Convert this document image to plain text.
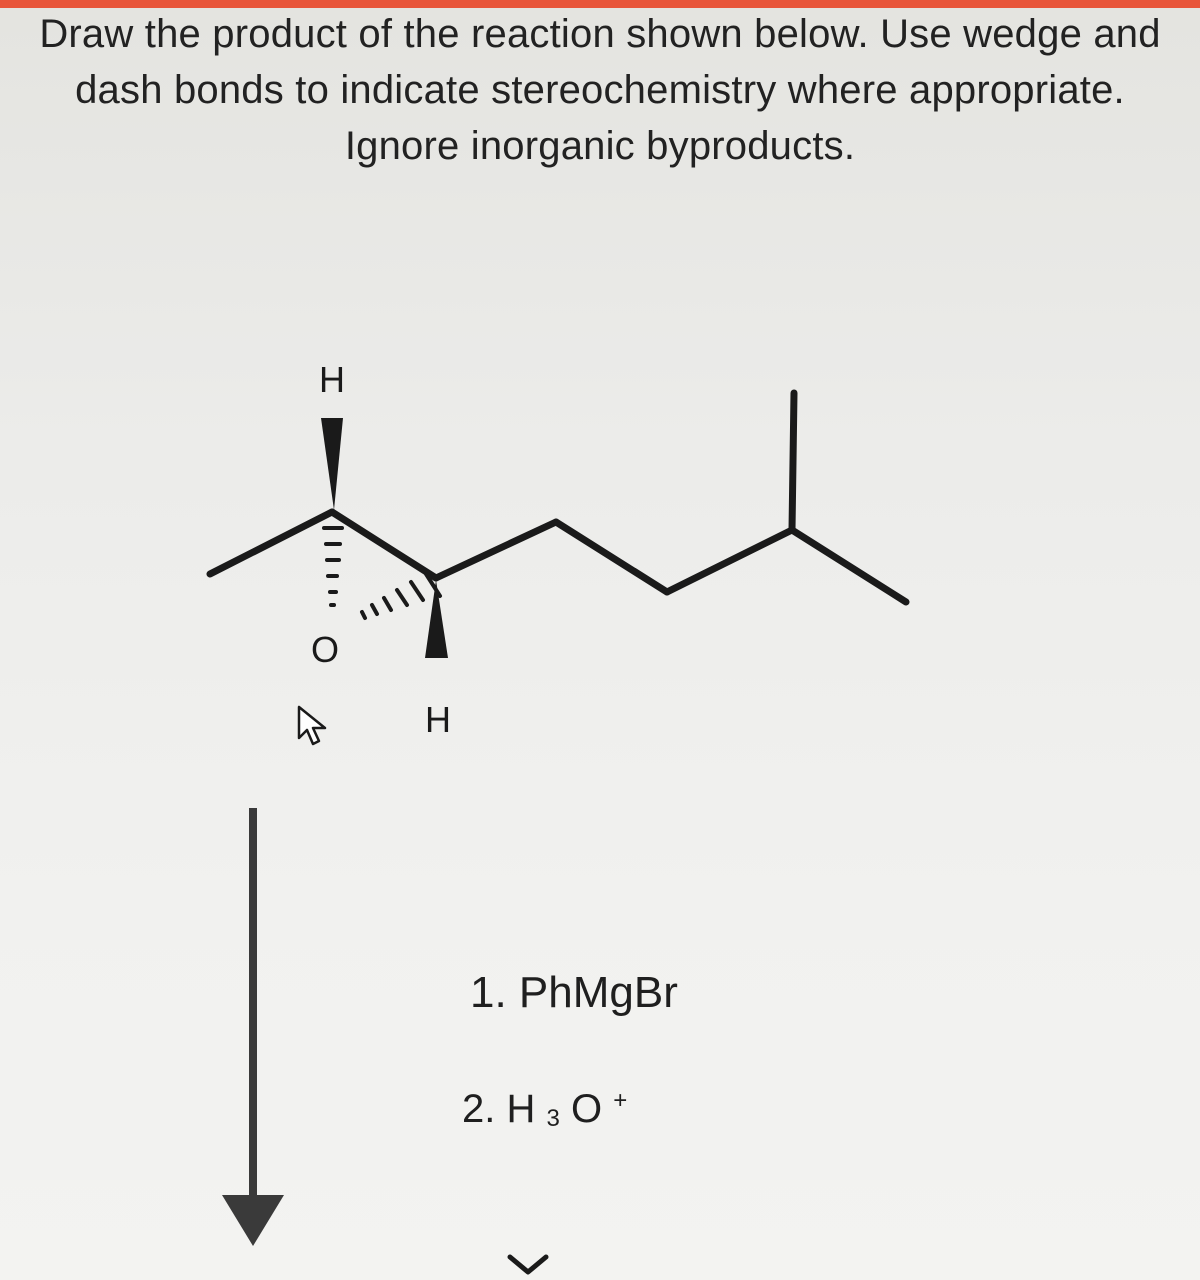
Draw the product of the reaction shown below. Use wedge and
dash bonds to indicate stereochemistry where appropriate.
Ignore inorganic byproducts.
H
O
H
1. PhMgBr
2. H 3 O +
